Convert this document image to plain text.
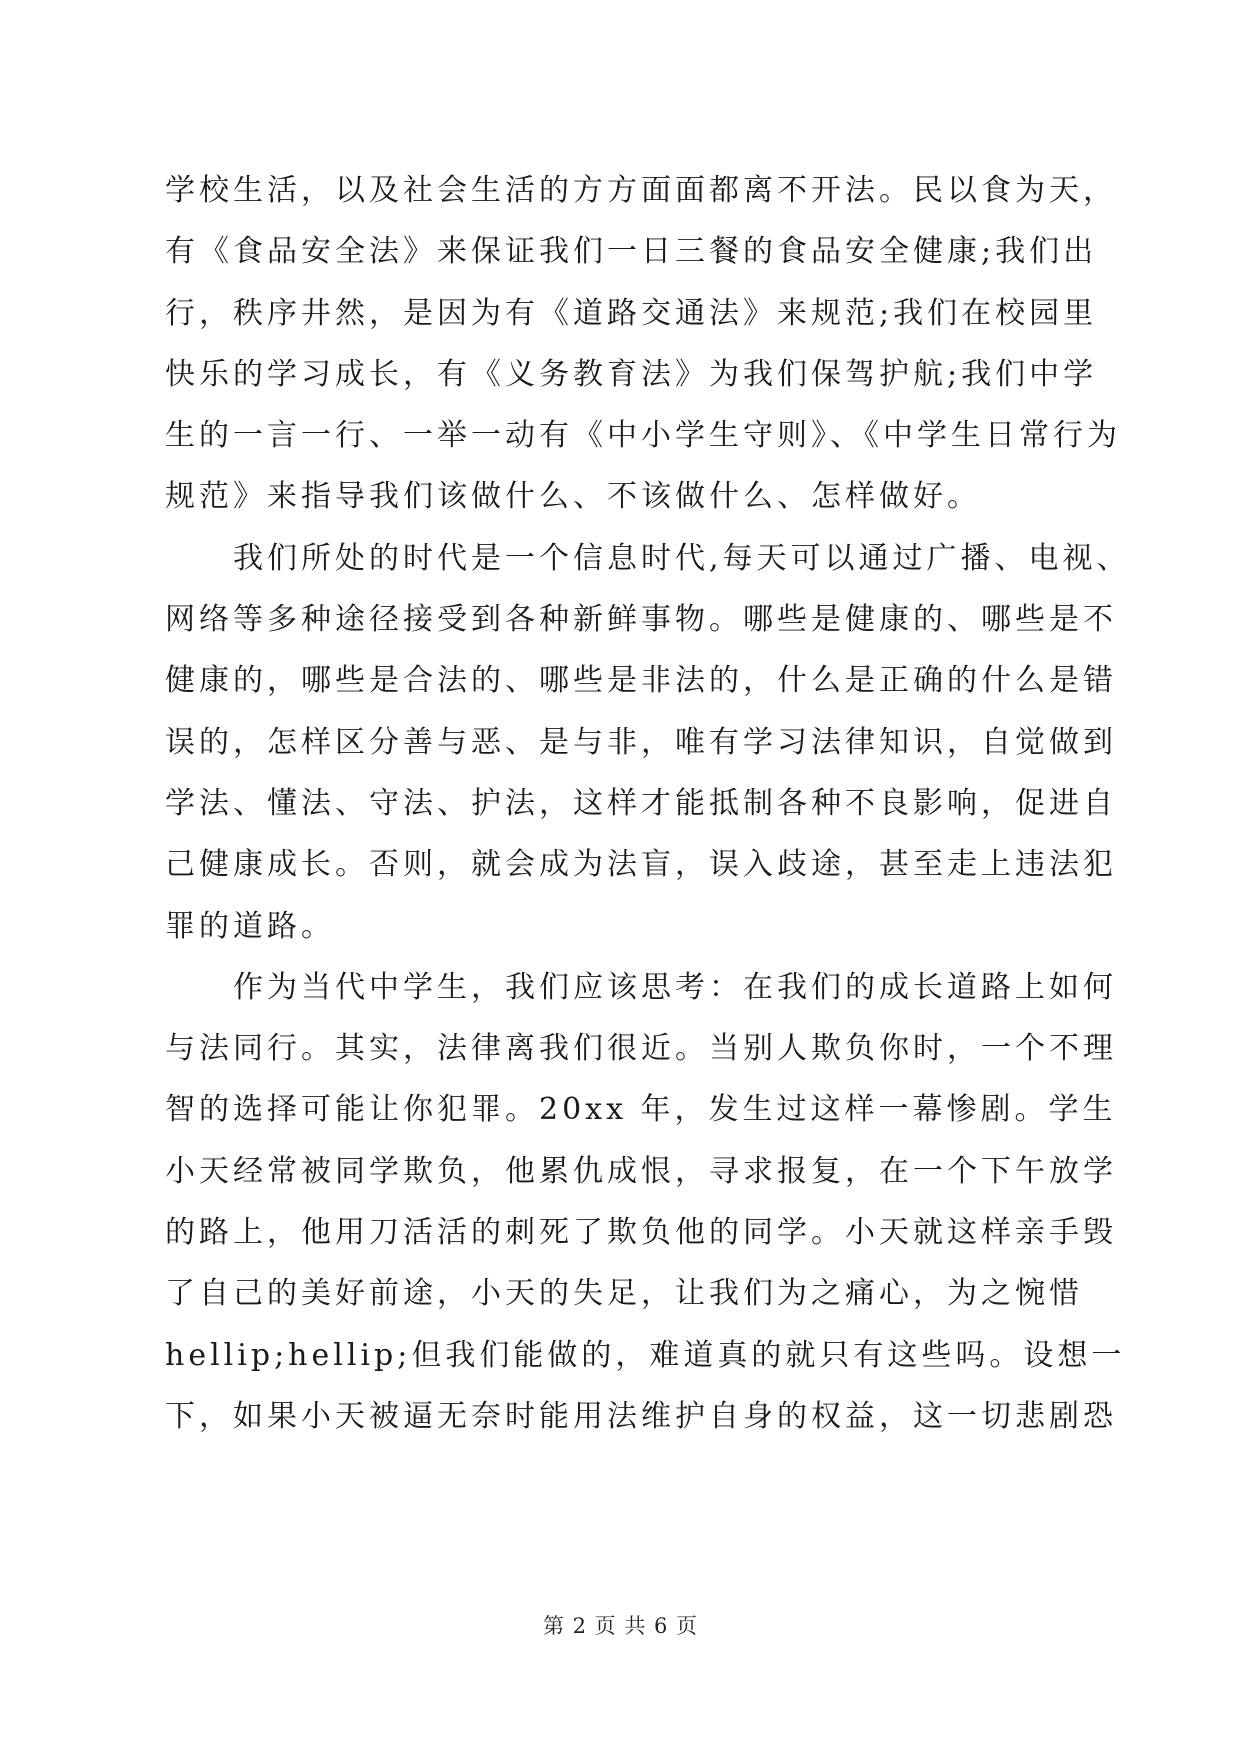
学校生活，以及社会生活的方方面面都离不开法。民以食为天，
有《食品安全法》来保证我们一日三餐的食品安全健康;我们出
行，秩序井然，是因为有《道路交通法》来规范;我们在校园里
快乐的学习成长，有《义务教育法》为我们保驾护航;我们中学
生的一言一行、一举一动有《中小学生守则》、《中学生日常行为
规范》来指导我们该做什么、不该做什么、怎样做好。
　　我们所处的时代是一个信息时代,每天可以通过广播、电视、
网络等多种途径接受到各种新鲜事物。哪些是健康的、哪些是不
健康的，哪些是合法的、哪些是非法的，什么是正确的什么是错
误的，怎样区分善与恶、是与非，唯有学习法律知识，自觉做到
学法、懂法、守法、护法，这样才能抵制各种不良影响，促进自
己健康成长。否则，就会成为法盲，误入歧途，甚至走上违法犯
罪的道路。
　　作为当代中学生，我们应该思考：在我们的成长道路上如何
与法同行。其实，法律离我们很近。当别人欺负你时，一个不理
智的选择可能让你犯罪。20xx 年，发生过这样一幕惨剧。学生
小天经常被同学欺负，他累仇成恨，寻求报复，在一个下午放学
的路上，他用刀活活的刺死了欺负他的同学。小天就这样亲手毁
了自己的美好前途，小天的失足，让我们为之痛心，为之惋惜
hellip;hellip;但我们能做的，难道真的就只有这些吗。设想一
下，如果小天被逼无奈时能用法维护自身的权益，这一切悲剧恐
第 2 页 共 6 页
